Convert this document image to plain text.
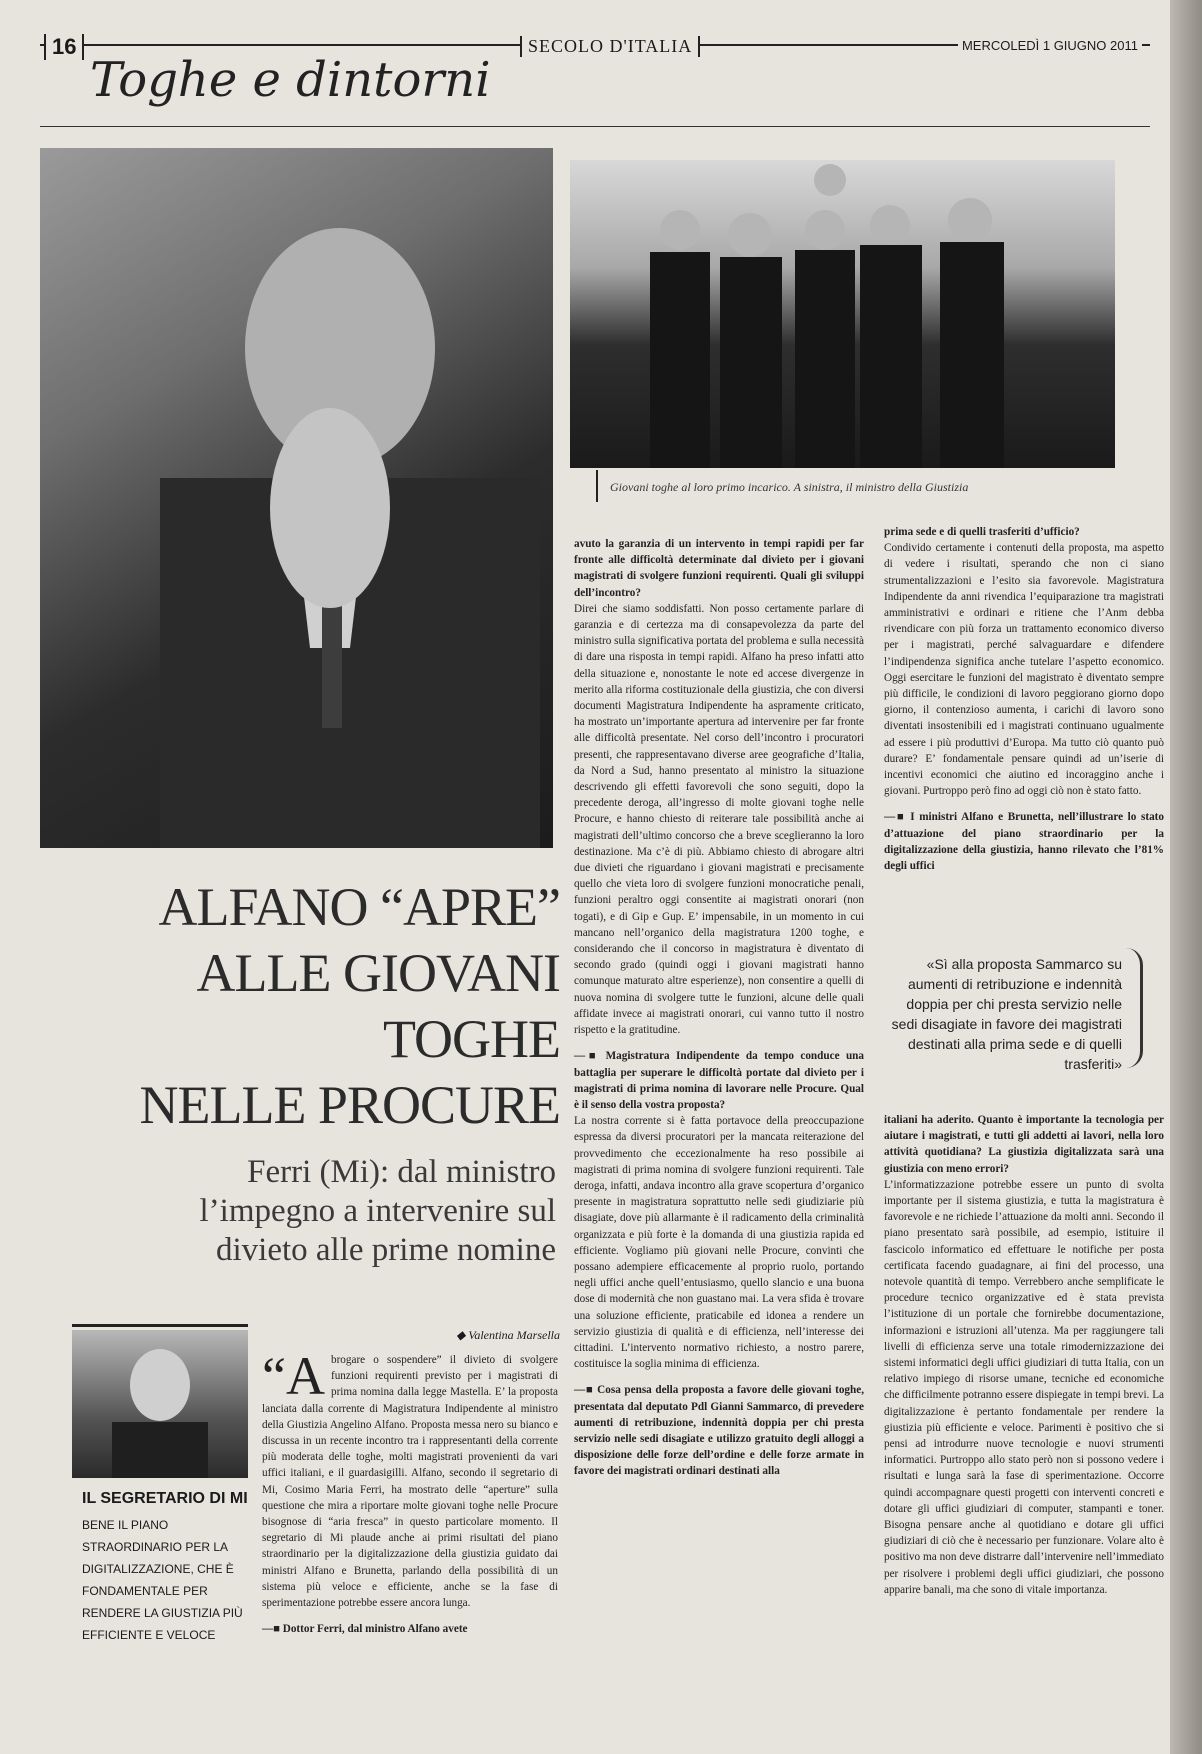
16	SECOLO D'ITALIA	MERCOLEDÌ 1 GIUGNO 2011
Toghe e dintorni
Giovani toghe al loro primo incarico. A sinistra, il ministro della Giustizia
ALFANO “APRE”
ALLE GIOVANI
TOGHE
NELLE PROCURE
Ferri (Mi): dal ministro l’impegno a intervenire sul divieto alle prime nomine
IL SEGRETARIO DI MI
BENE IL PIANO STRAORDINARIO PER LA DIGITALIZZAZIONE, CHE È FONDAMENTALE PER RENDERE LA GIUSTIZIA PIÙ EFFICIENTE E VELOCE
◆ Valentina Marsella
“A brogare o sospendere” il divieto di svolgere funzioni requirenti previsto per i magistrati di prima nomina dalla legge Mastella. E’ la proposta lanciata dalla corrente di Magistratura Indipendente al ministro della Giustizia Angelino Alfano. Proposta messa nero su bianco e discussa in un recente incontro tra i rappresentanti della corrente più moderata delle toghe, molti magistrati provenienti da vari uffici italiani, e il guardasigilli. Alfano, secondo il segretario di Mi, Cosimo Maria Ferri, ha mostrato delle “aperture” sulla questione che mira a riportare molte giovani toghe nelle Procure bisognose di “aria fresca” in questo particolare momento. Il segretario di Mi plaude anche ai primi risultati del piano straordinario per la digitalizzazione della giustizia guidato dai ministri Alfano e Brunetta, parlando della possibilità di un sistema più veloce e efficiente, anche se la fase di sperimentazione potrebbe essere ancora lunga.

—■ Dottor Ferri, dal ministro Alfano avete

avuto la garanzia di un intervento in tempi rapidi per far fronte alle difficoltà determinate dal divieto per i giovani magistrati di svolgere funzioni requirenti. Quali gli sviluppi dell’incontro?

Direi che siamo soddisfatti. Non posso certamente parlare di garanzia e di certezza ma di consapevolezza da parte del ministro sulla significativa portata del problema e sulla necessità di dare una risposta in tempi rapidi. Alfano ha preso infatti atto della situazione e, nonostante le note ed accese divergenze in merito alla riforma costituzionale della giustizia, che con diversi documenti Magistratura Indipendente ha aspramente criticato, ha mostrato un’importante apertura ad intervenire per far fronte alle difficoltà presentate. Nel corso dell’incontro i procuratori presenti, che rappresentavano diverse aree geografiche d’Italia, da Nord a Sud, hanno presentato al ministro la situazione descrivendo gli effetti favorevoli che sono seguiti, dopo la precedente deroga, all’ingresso di molte giovani toghe nelle Procure, e hanno chiesto di reiterare tale possibilità anche ai magistrati dell’ultimo concorso che a breve sceglieranno la loro destinazione. Ma c’è di più. Abbiamo chiesto di abrogare altri due divieti che riguardano i giovani magistrati e precisamente quello che vieta loro di svolgere funzioni monocratiche penali, funzioni peraltro oggi consentite ai magistrati onorari (non togati), e di Gip e Gup. E’ impensabile, in un momento in cui mancano nell’organico della magistratura 1200 toghe, e considerando che il concorso in magistratura è diventato di secondo grado (quindi oggi i giovani magistrati hanno comunque maturato altre esperienze), non consentire a quelli di nuova nomina di svolgere tutte le funzioni, alcune delle quali affidate invece ai magistrati onorari, cui vanno tutto il nostro rispetto e la gratitudine.

—■ Magistratura Indipendente da tempo conduce una battaglia per superare le difficoltà portate dal divieto per i magistrati di prima nomina di lavorare nelle Procure. Qual è il senso della vostra proposta?

La nostra corrente si è fatta portavoce della preoccupazione espressa da diversi procuratori per la mancata reiterazione del provvedimento che eccezionalmente ha reso possibile ai magistrati di prima nomina di svolgere funzioni requirenti. Tale deroga, infatti, andava incontro alla grave scopertura d’organico presente in magistratura soprattutto nelle sedi giudiziarie più disagiate, dove più allarmante è il radicamento della criminalità organizzata e più forte è la domanda di una giustizia rapida ed efficiente. Vogliamo più giovani nelle Procure, convinti che possano adempiere efficacemente al proprio ruolo, portando negli uffici anche quell’entusiasmo, quello slancio e una buona dose di modernità che non guastano mai. La vera sfida è trovare una soluzione efficiente, praticabile ed idonea a rendere un servizio giustizia di qualità e di efficienza, nell’interesse dei cittadini. L’intervento normativo richiesto, a nostro parere, costituisce la soglia minima di efficienza.

—■ Cosa pensa della proposta a favore delle giovani toghe, presentata dal deputato Pdl Gianni Sammarco, di prevedere aumenti di retribuzione, indennità doppia per chi presta servizio nelle sedi disagiate e utilizzo gratuito degli alloggi a disposizione delle forze dell’ordine e delle forze armate in favore dei magistrati ordinari destinati alla

prima sede e di quelli trasferiti d’ufficio?

Condivido certamente i contenuti della proposta, ma aspetto di vedere i risultati, sperando che non ci siano strumentalizzazioni e l’esito sia favorevole. Magistratura Indipendente da anni rivendica l’equiparazione tra magistrati amministrativi e ordinari e ritiene che l’Anm debba rivendicare con più forza un trattamento economico diverso per i magistrati, perché salvaguardare e difendere l’indipendenza significa anche tutelare l’aspetto economico. Oggi esercitare le funzioni del magistrato è diventato sempre più difficile, le condizioni di lavoro peggiorano giorno dopo giorno, il contenzioso aumenta, i carichi di lavoro sono diventati insostenibili ed i magistrati continuano ugualmente ad essere i più produttivi d’Europa. Ma tutto ciò quanto può durare? E’ fondamentale pensare quindi ad un’iserie di incentivi economici che aiutino ed incoraggino anche i giovani. Purtroppo però fino ad oggi ciò non è stato fatto.

—■ I ministri Alfano e Brunetta, nell’illustrare lo stato d’attuazione del piano straordinario per la digitalizzazione della giustizia, hanno rilevato che l’81% degli uffici

«Sì alla proposta Sammarco su aumenti di retribuzione e indennità doppia per chi presta servizio nelle sedi disagiate in favore dei magistrati destinati alla prima sede e di quelli trasferiti»

italiani ha aderito. Quanto è importante la tecnologia per aiutare i magistrati, e tutti gli addetti ai lavori, nella loro attività quotidiana? La giustizia digitalizzata sarà una giustizia con meno errori?

L’informatizzazione potrebbe essere un punto di svolta importante per il sistema giustizia, e tutta la magistratura è favorevole e ne richiede l’attuazione da molti anni. Secondo il piano presentato sarà possibile, ad esempio, istituire il fascicolo informatico ed effettuare le notifiche per posta certificata facendo guadagnare, ai fini del processo, una notevole quantità di tempo. Verrebbero anche semplificate le procedure tecnico organizzative ed è stata prevista l’istituzione di un portale che fornirebbe documentazione, informazioni e istruzioni all’utenza. Ma per raggiungere tali livelli di efficienza serve una totale rimodernizzazione dei sistemi informatici degli uffici giudiziari di tutta Italia, con un relativo impiego di risorse umane, tecniche ed economiche che difficilmente potranno essere dispiegate in tempi brevi. La digitalizzazione è pertanto fondamentale per rendere la giustizia più efficiente e veloce. Parimenti è positivo che si pensi ad introdurre nuove tecnologie e nuovi strumenti informatici. Purtroppo allo stato però non si possono vedere i risultati e lunga sarà la fase di sperimentazione. Occorre quindi accompagnare questi progetti con interventi concreti e dotare gli uffici giudiziari di computer, stampanti e toner. Bisogna pensare anche al quotidiano e dotare gli uffici giudiziari di ciò che è necessario per funzionare. Volare alto è positivo ma non deve distrarre dall’intervenire nell’immediato per risolvere i problemi degli uffici giudiziari, che possono apparire banali, ma che sono di vitale importanza.
